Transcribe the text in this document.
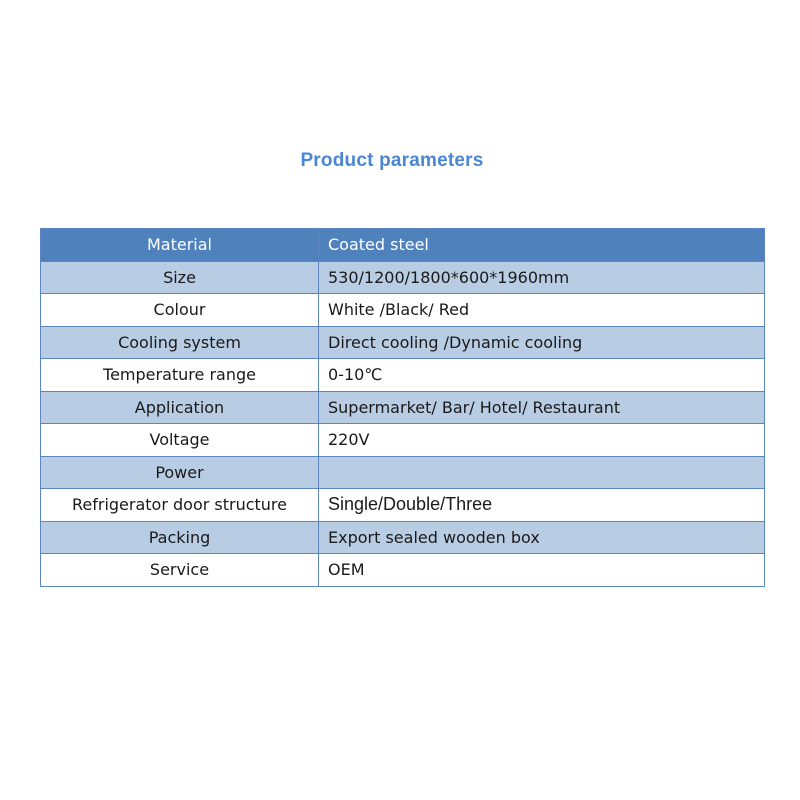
Product parameters
Material	Coated steel
Size	530/1200/1800*600*1960mm
Colour	White /Black/ Red
Cooling system	Direct cooling /Dynamic cooling
Temperature range	0-10℃
Application	Supermarket/ Bar/ Hotel/ Restaurant
Voltage	220V
Power	
Refrigerator door structure	Single/Double/Three
Packing	Export sealed wooden box
Service	OEM
